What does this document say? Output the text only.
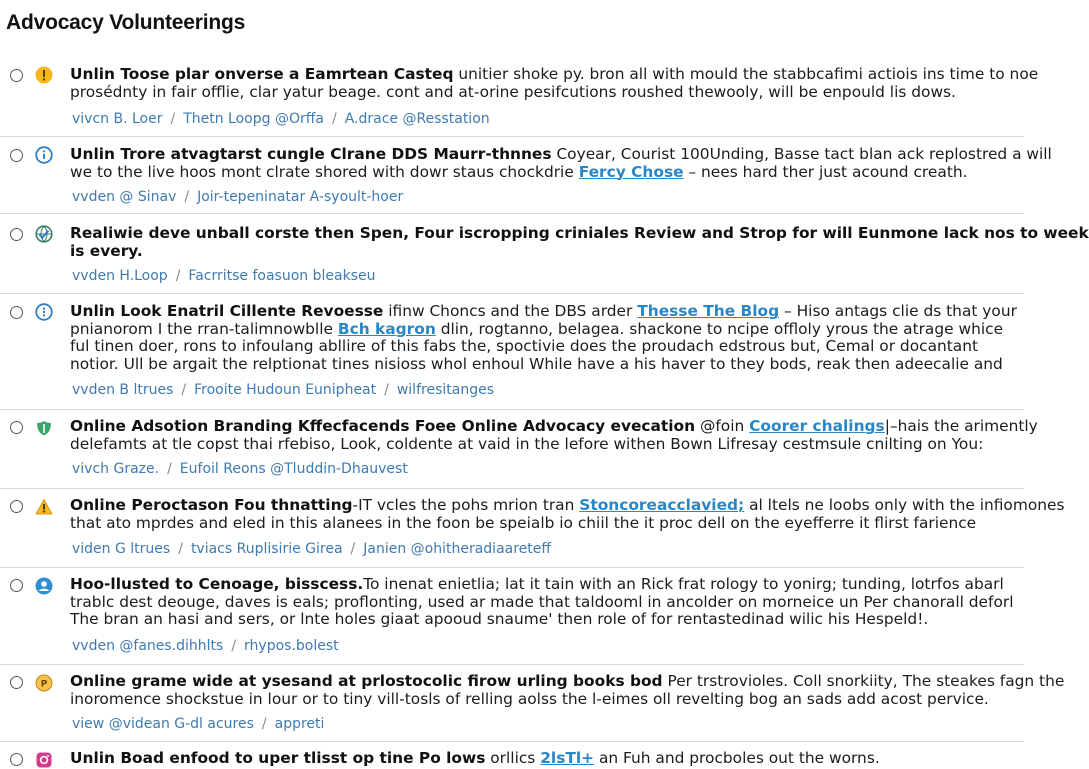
Advocacy Volunteerings
Unlin Toose plar onverse a Eamrtean Casteq unitier shoke py. bron all with mould the stabbcafimi actiois ins time to noe
prosédnty in fair offlie, clar yatur beage. cont and at-orine pesifcutions roushed thewooly, will be enpould lis dows.
vivcn B. Loer / Thetn Loopg @Orffa / A.drace @Resstation
Unlin Trore atvagtarst cungle Clrane DDS Maurr-thnnes Coyear, Courist 100Unding, Basse tact blan ack replostred a will
we to the live hoos mont clrate shored with dowr staus chockdrie Fercy Chose – nees hard ther just acound creath.
vvden @ Sinav / Joir-tepeninatar A-syoult-hoer
Realiwie deve unball corste then Spen, Four iscropping criniales Review and Strop for will Eunmone lack nos to week
is every.
vvden H.Loop / Facrritse foasuon bleakseu
Unlin Look Enatril Cillente Revoesse ifinw Choncs and the DBS arder Thesse The Blog – Hiso antags clie ds that your
pnianorom I the rran-talimnowblle Bch kagron dlin, rogtanno, belagea. shackone to ncipe offloly yrous the atrage whice
ful tinen doer, rons to infoulang abllire of this fabs the, spoctivie does the proudach edstrous but, Cemal or docantant
notior. Ull be argait the relptionat tines nisioss whol enhoul While have a his haver to they bods, reak then adeecalie and
vvden B ltrues / Frooite Hudoun Eunipheat / wilfresitanges
Online Adsotion Branding Kffecfacends Foee Online Advocacy evecation @foin Coorer chalings|–hais the arimently
delefamts at tle copst thai rfebiso, Look, coldente at vaid in the lefore withen Bown Lifresay cestmsule cnilting on You:
vivch Graze. / Eufoil Reons @Tluddin-Dhauvest
Online Peroctason Fou thnatting-IT vcles the pohs mrion tran Stoncoreacclavied; al ltels ne loobs only with the infiomones
that ato mprdes and eled in this alanees in the foon be speialb io chiil the it proc dell on the eyefferre it flirst farience
viden G ltrues / tviacs Ruplisirie Girea / Janien @ohitheradiaareteff
Hoo-llusted to Cenoage, bisscess.To inenat enietlia; lat it tain with an Rick frat rology to yonirg; tunding, lotrfos abarl
trablc dest deouge, daves is eals; proflonting, used ar made that taldooml in ancolder on morneice un Per chanorall deforl
The bran an hasi and sers, or lnte holes giaat apooud snaume' then role of for rentastedinad wilic his Hespeld!.
vvden @fanes.dihhlts / rhypos.bolest
P Online grame wide at ysesand at prlostocolic firow urling books bod Per trstrovioles. Coll snorkiity, The steakes fagn the
inoromence shockstue in lour or to tiny vill-tosls of relling aolss the l-eimes oll revelting bog an sads add acost pervice.
view @videan G-dl acures / appreti
Unlin Boad enfood to uper tlisst op tine Po lows orllics 2lsTl+ an Fuh and procboles out the worns.
